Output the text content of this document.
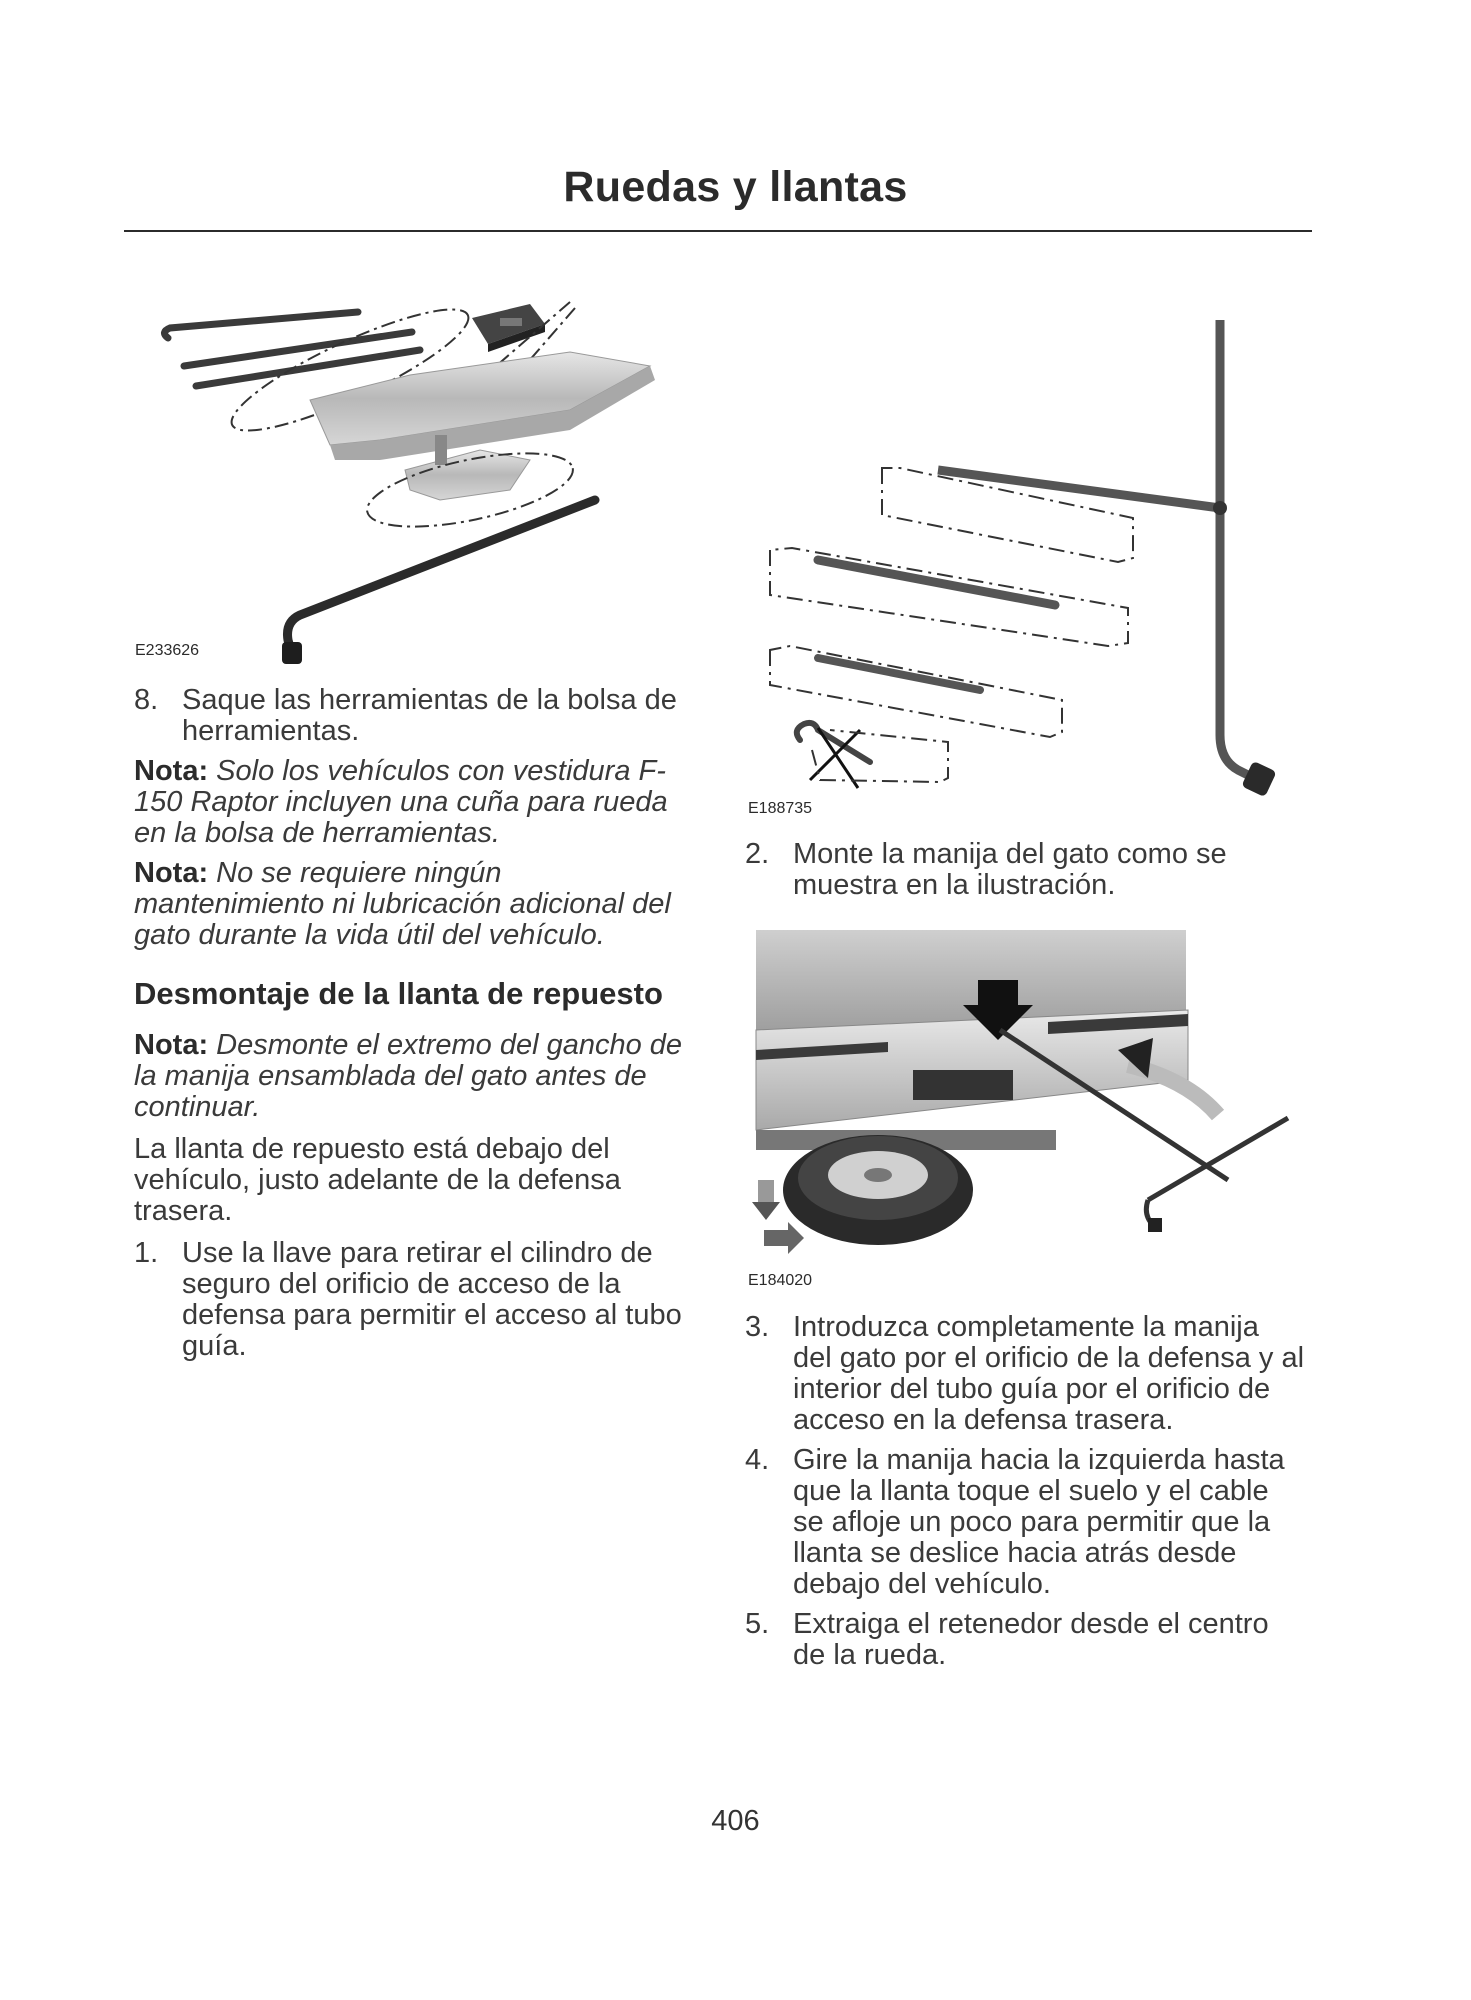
Ruedas y llantas
E233626
E188735
E184020

8. Saque las herramientas de la bolsa de herramientas.

Nota: Solo los vehículos con vestidura F-150 Raptor incluyen una cuña para rueda en la bolsa de herramientas.

Nota: No se requiere ningún mantenimiento ni lubricación adicional del gato durante la vida útil del vehículo.

Desmontaje de la llanta de repuesto

Nota: Desmonte el extremo del gancho de la manija ensamblada del gato antes de continuar.

La llanta de repuesto está debajo del vehículo, justo adelante de la defensa trasera.

1. Use la llave para retirar el cilindro de seguro del orificio de acceso de la defensa para permitir el acceso al tubo guía.

2. Monte la manija del gato como se muestra en la ilustración.

3. Introduzca completamente la manija del gato por el orificio de la defensa y al interior del tubo guía por el orificio de acceso en la defensa trasera.

4. Gire la manija hacia la izquierda hasta que la llanta toque el suelo y el cable se afloje un poco para permitir que la llanta se deslice hacia atrás desde debajo del vehículo.

5. Extraiga el retenedor desde el centro de la rueda.

406
